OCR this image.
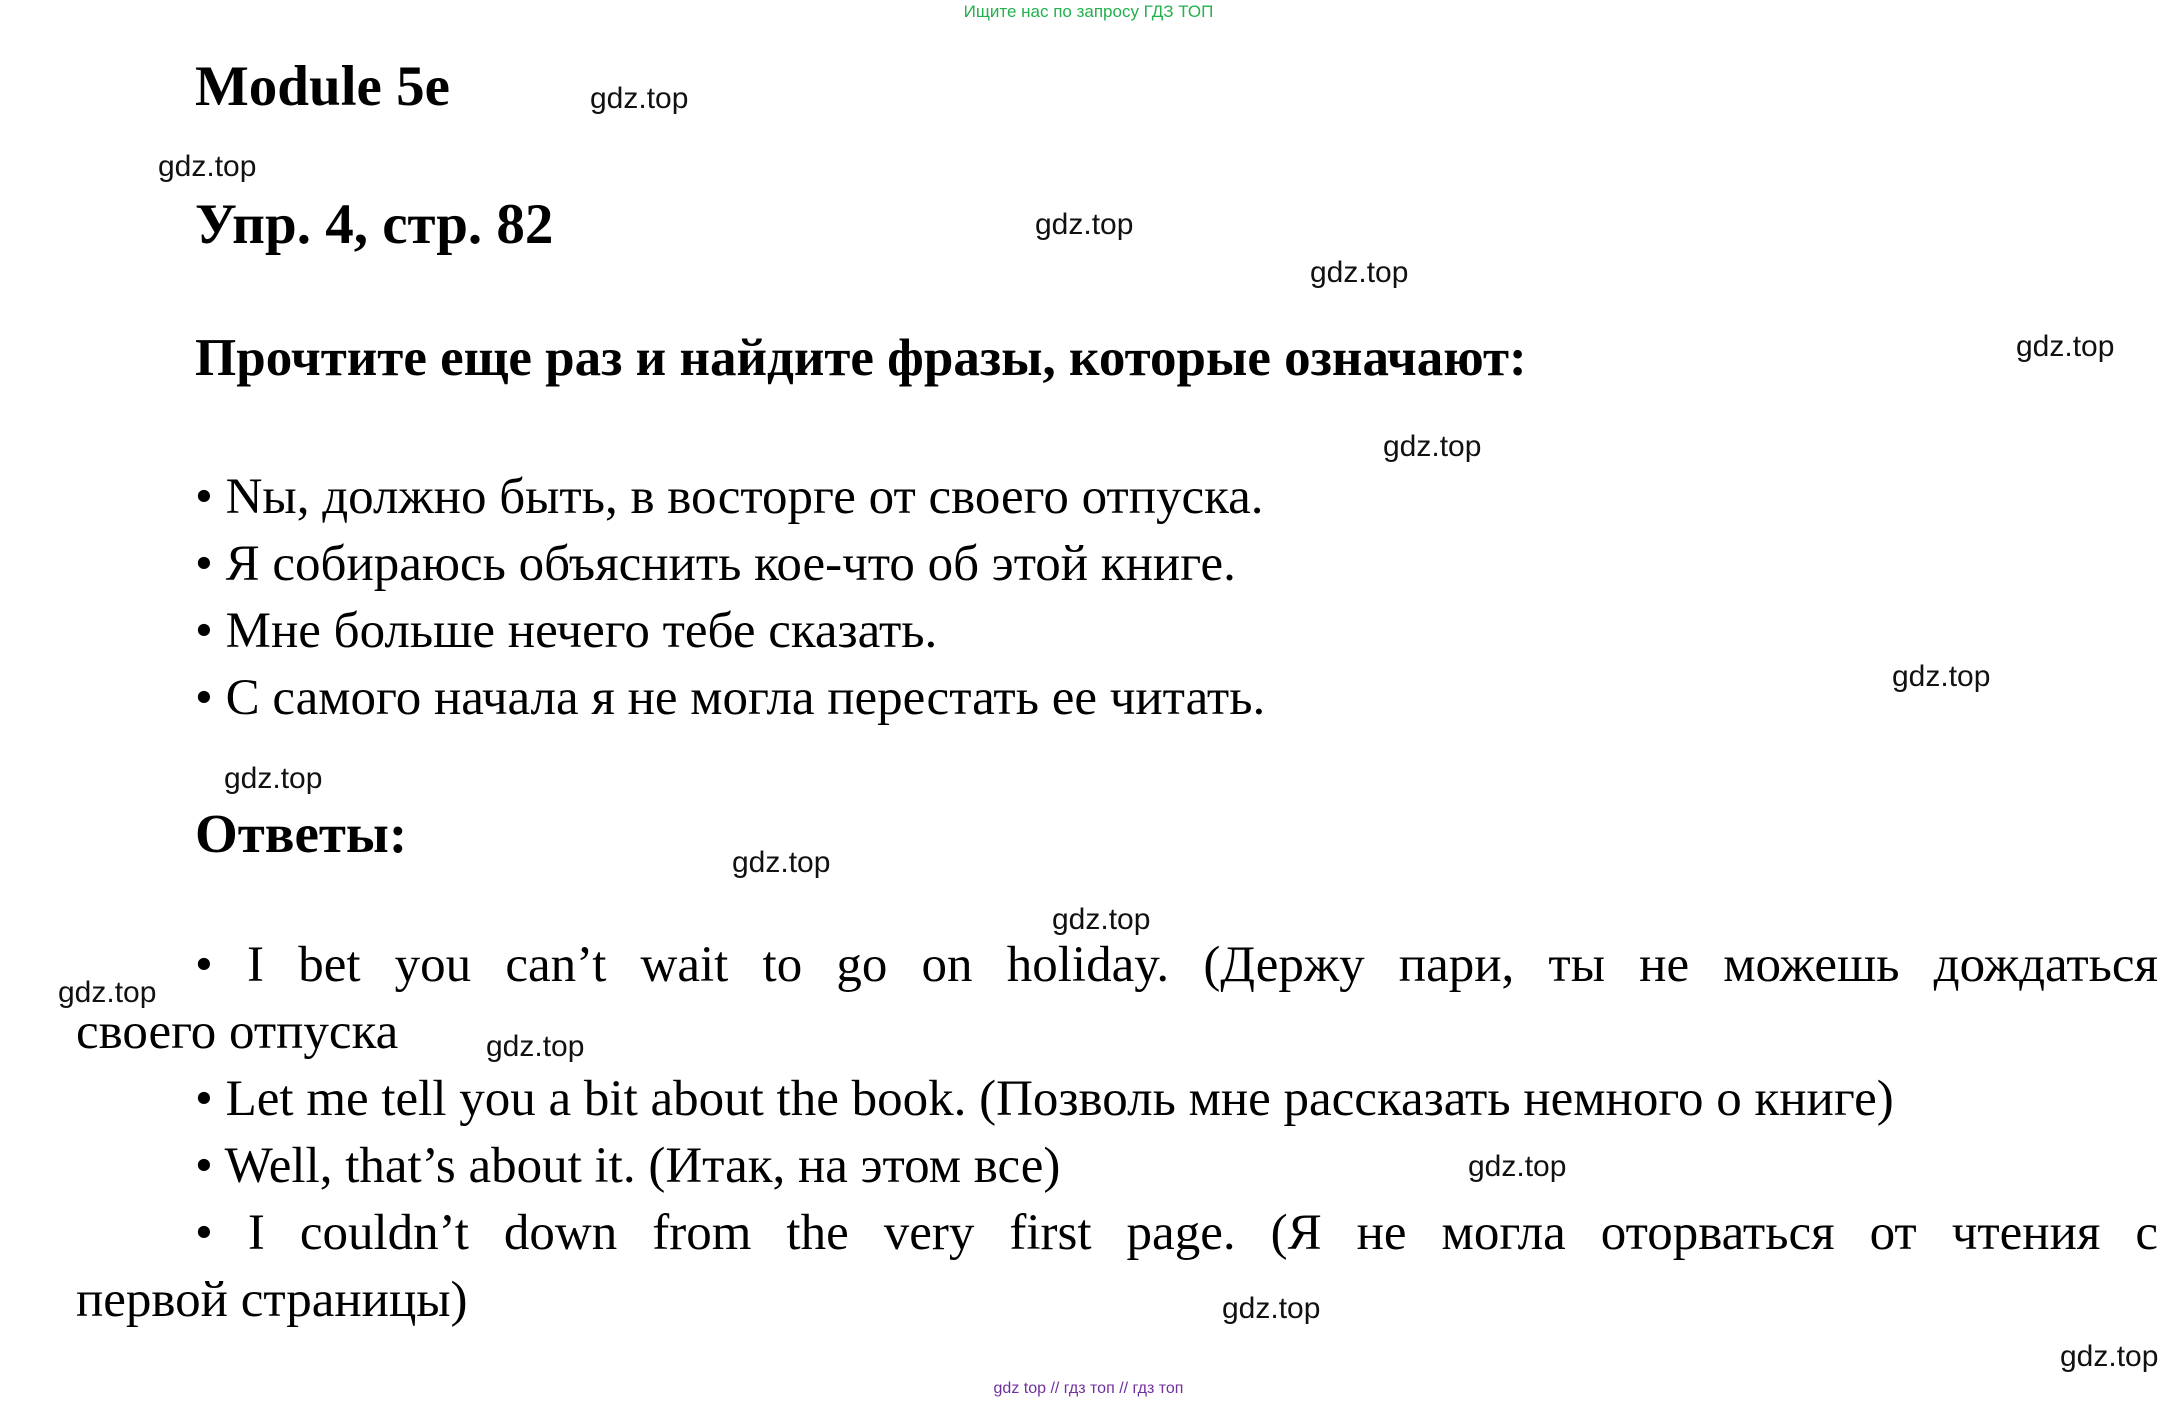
Ищите нас по запросу ГДЗ ТОП
Module 5e
Упр. 4, стр. 82
Прочтите еще раз и найдите фразы, которые означают:
• Nы, должно быть, в восторге от своего отпуска.
• Я собираюсь объяснить кое-что об этой книге.
• Мне больше нечего тебе сказать.
• С самого начала я не могла перестать ее читать.
Ответы:
• I bet you can’t wait to go on holiday. (Держу пари, ты не можешь дождаться
своего отпуска
• Let me tell you a bit about the book. (Позволь мне рассказать немного о книге)
• Well, that’s about it. (Итак, на этом все)
• I couldn’t down from the very first page. (Я не могла оторваться от чтения с
первой страницы)
gdz.top
gdz.top
gdz.top
gdz.top
gdz.top
gdz.top
gdz.top
gdz.top
gdz.top
gdz.top
gdz.top
gdz.top
gdz.top
gdz.top
gdz.top
gdz top // гдз топ // гдз топ
